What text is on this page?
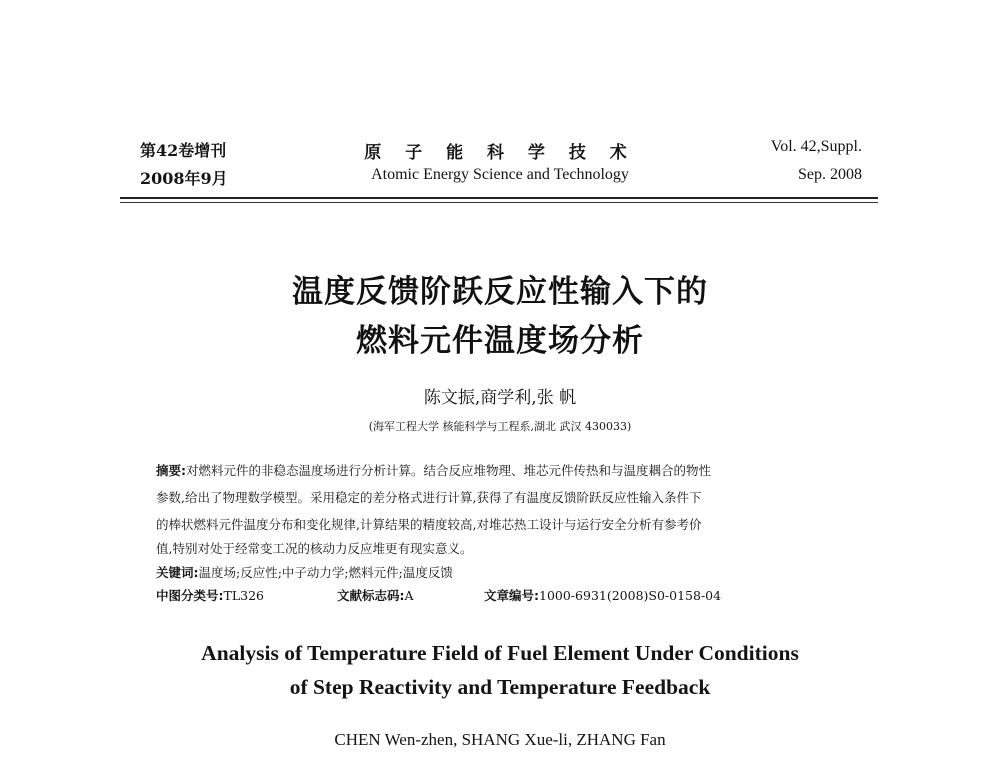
第42卷增刊
2008年9月
原 子 能 科 学 技 术
Atomic Energy Science and Technology
Vol. 42,Suppl.
Sep. 2008
温度反馈阶跃反应性输入下的
燃料元件温度场分析
陈文振,商学利,张 帆
(海军工程大学 核能科学与工程系,湖北 武汉 430033)
摘要:对燃料元件的非稳态温度场进行分析计算。结合反应堆物理、堆芯元件传热和与温度耦合的物性
参数,给出了物理数学模型。采用稳定的差分格式进行计算,获得了有温度反馈阶跃反应性输入条件下
的棒状燃料元件温度分布和变化规律,计算结果的精度较高,对堆芯热工设计与运行安全分析有参考价
值,特别对处于经常变工况的核动力反应堆更有现实意义。
关键词:温度场;反应性;中子动力学;燃料元件;温度反馈
中图分类号:TL326	文献标志码:A	文章编号:1000-6931(2008)S0-0158-04
Analysis of Temperature Field of Fuel Element Under Conditions
of Step Reactivity and Temperature Feedback
CHEN Wen-zhen, SHANG Xue-li, ZHANG Fan
